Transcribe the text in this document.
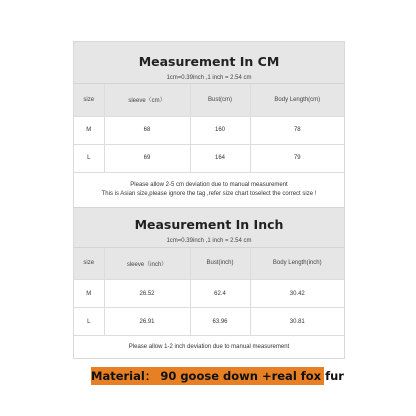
Measurement In CM
1cm=0.39inch ,1 inch = 2.54 cm
size	sleeve（cm）	Bust(cm)	Body Length(cm)
M	68	160	78
L	69	164	79
Please allow 2-5 cm deviation due to manual measurement
This is Asian size,please ignore the tag ,refer size chart toselect the correct size !
Measurement In Inch
1cm=0.39inch ,1 inch = 2.54 cm
size	sleeve（inch）	Bust(inch)	Body Length(inch)
M	26.52	62.4	30.42
L	26.91	63.96	30.81
Please allow 1-2 inch deviation due to manual measurement
Material： 90 goose down +real fox fur
